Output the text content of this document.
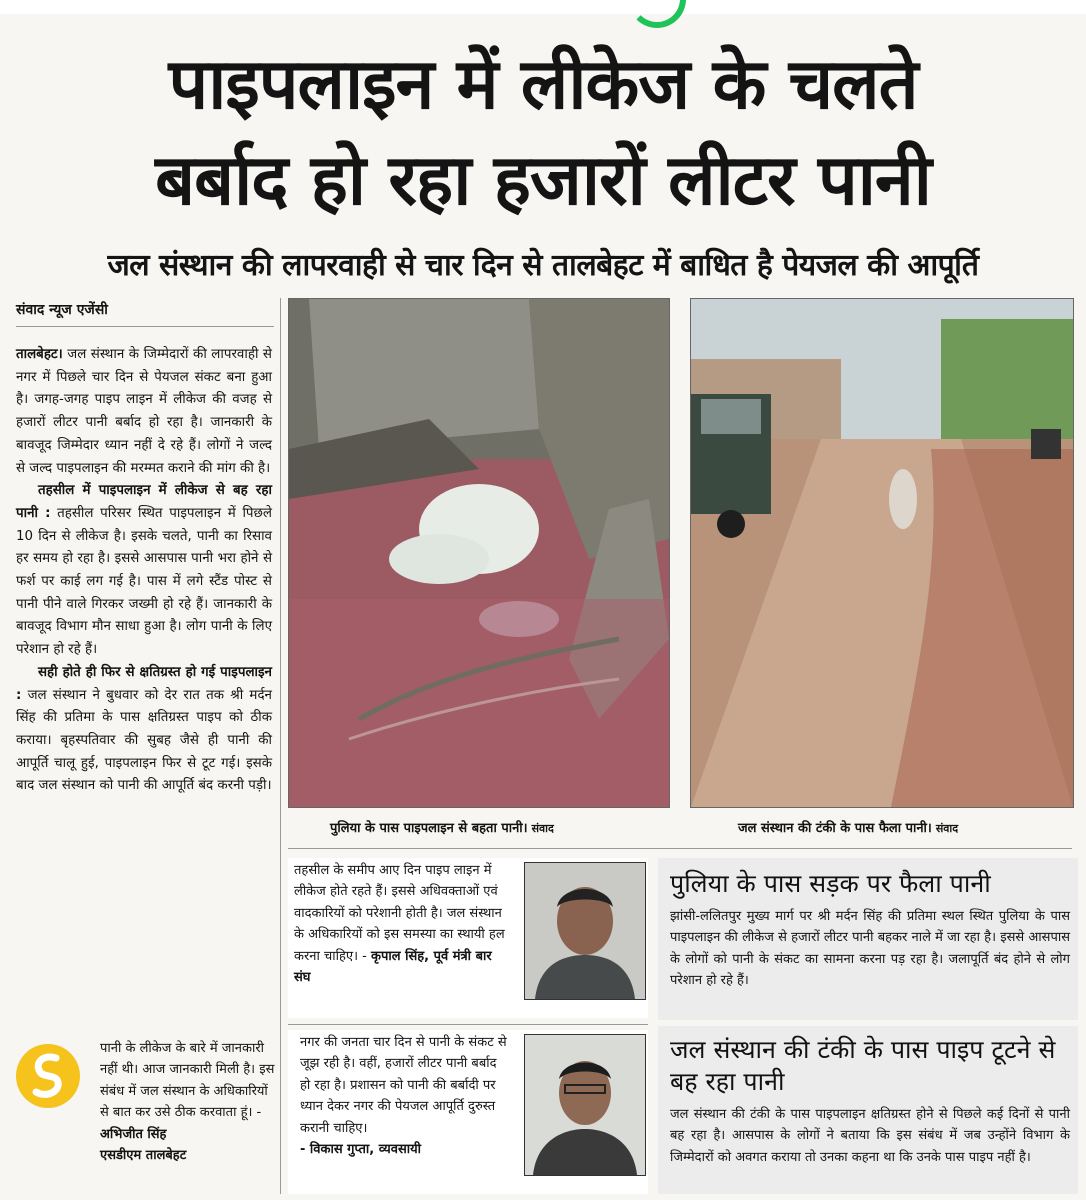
पाइपलाइन में लीकेज के चलते
बर्बाद हो रहा हजारों लीटर पानी
जल संस्थान की लापरवाही से चार दिन से तालबेहट में बाधित है पेयजल की आपूर्ति
संवाद न्यूज एजेंसी

तालबेहट। जल संस्थान के जिम्मेदारों की लापरवाही से नगर में पिछले चार दिन से पेयजल संकट बना हुआ है। जगह-जगह पाइप लाइन में लीकेज की वजह से हजारों लीटर पानी बर्बाद हो रहा है। जानकारी के बावजूद जिम्मेदार ध्यान नहीं दे रहे हैं। लोगों ने जल्द से जल्द पाइपलाइन की मरम्मत कराने की मांग की है।

तहसील में पाइपलाइन में लीकेज से बह रहा पानी : तहसील परिसर स्थित पाइपलाइन में पिछले 10 दिन से लीकेज है। इसके चलते, पानी का रिसाव हर समय हो रहा है। इससे आसपास पानी भरा होने से फर्श पर काई लग गई है। पास में लगे स्टैंड पोस्ट से पानी पीने वाले गिरकर जख्मी हो रहे हैं। जानकारी के बावजूद विभाग मौन साधा हुआ है। लोग पानी के लिए परेशान हो रहे हैं।

सही होते ही फिर से क्षतिग्रस्त हो गई पाइपलाइन : जल संस्थान ने बुधवार को देर रात तक श्री मर्दन सिंह की प्रतिमा के पास क्षतिग्रस्त पाइप को ठीक कराया। बृहस्पतिवार की सुबह जैसे ही पानी की आपूर्ति चालू हुई, पाइपलाइन फिर से टूट गई। इसके बाद जल संस्थान को पानी की आपूर्ति बंद करनी पड़ी।

पानी के लीकेज के बारे में जानकारी नहीं थी। आज जानकारी मिली है। इस संबंध में जल संस्थान के अधिकारियों से बात कर उसे ठीक करवाता हूं। - अभिजीत सिंह
एसडीएम तालबेहट
पुलिया के पास पाइपलाइन से बहता पानी। संवाद	जल संस्थान की टंकी के पास फैला पानी। संवाद
तहसील के समीप आए दिन पाइप लाइन में लीकेज होते रहते हैं। इससे अधिवक्ताओं एवं वादकारियों को परेशानी होती है। जल संस्थान के अधिकारियों को इस समस्या का स्थायी हल करना चाहिए। - कृपाल सिंह, पूर्व मंत्री बार संघ
नगर की जनता चार दिन से पानी के संकट से जूझ रही है। वहीं, हजारों लीटर पानी बर्बाद हो रहा है। प्रशासन को पानी की बर्बादी पर ध्यान देकर नगर की पेयजल आपूर्ति दुरुस्त करानी चाहिए।
- विकास गुप्ता, व्यवसायी
पुलिया के पास सड़क पर फैला पानी
झांसी-ललितपुर मुख्य मार्ग पर श्री मर्दन सिंह की प्रतिमा स्थल स्थित पुलिया के पास पाइपलाइन की लीकेज से हजारों लीटर पानी बहकर नाले में जा रहा है। इससे आसपास के लोगों को पानी के संकट का सामना करना पड़ रहा है। जलापूर्ति बंद होने से लोग परेशान हो रहे हैं।
जल संस्थान की टंकी के पास पाइप टूटने से बह रहा पानी
जल संस्थान की टंकी के पास पाइपलाइन क्षतिग्रस्त होने से पिछले कई दिनों से पानी बह रहा है। आसपास के लोगों ने बताया कि इस संबंध में जब उन्होंने विभाग के जिम्मेदारों को अवगत कराया तो उनका कहना था कि उनके पास पाइप नहीं है।
